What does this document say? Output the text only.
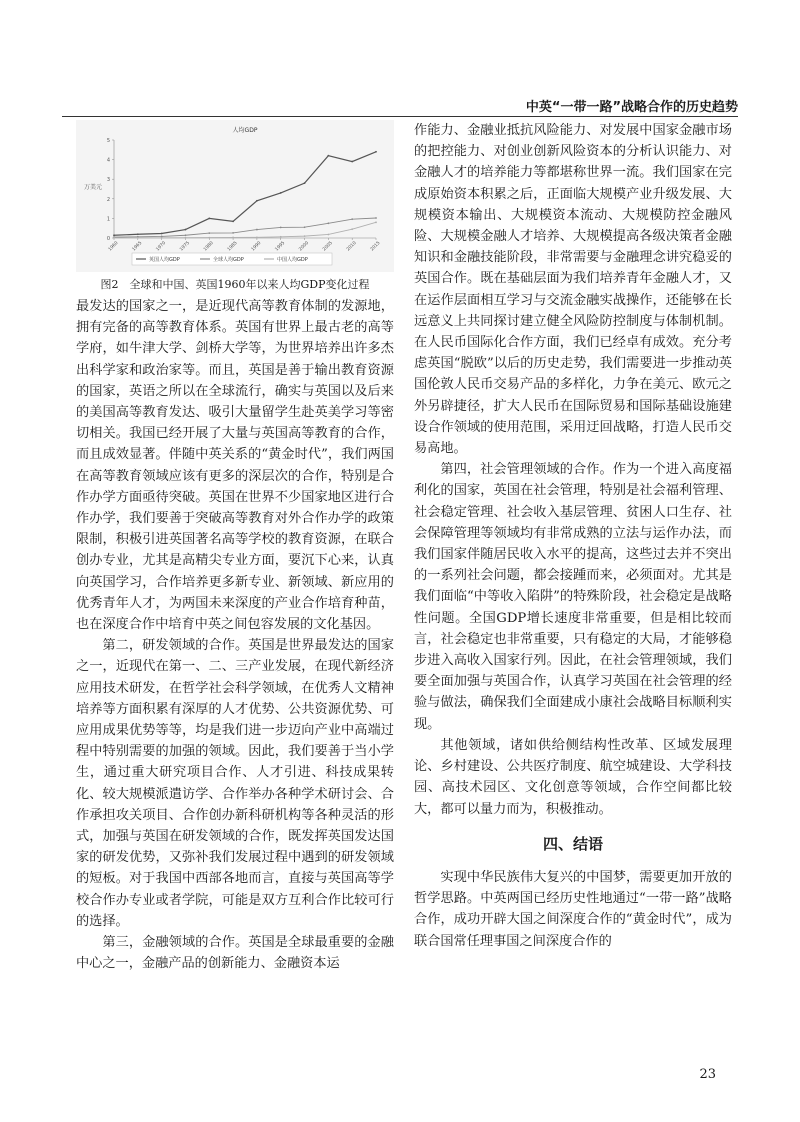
中英“一带一路”战略合作的历史趋势
人均GDP
万美元
0
1
2
3
4
5
1960	1965	1970	1975	1980	1985	1990	1995	2000	2005	2010	2015
英国人均GDP	全球人均GDP	中国人均GDP
图2　全球和中国、英国1960年以来人均GDP变化过程

最发达的国家之一，是近现代高等教育体制的发源地，拥有完备的高等教育体系。英国有世界上最古老的高等学府，如牛津大学、剑桥大学等，为世界培养出许多杰出科学家和政治家等。而且，英国是善于输出教育资源的国家，英语之所以在全球流行，确实与英国以及后来的美国高等教育发达、吸引大量留学生赴英美学习等密切相关。我国已经开展了大量与英国高等教育的合作，而且成效显著。伴随中英关系的“黄金时代”，我们两国在高等教育领域应该有更多的深层次的合作，特别是合作办学方面亟待突破。英国在世界不少国家地区进行合作办学，我们要善于突破高等教育对外合作办学的政策限制，积极引进英国著名高等学校的教育资源，在联合创办专业，尤其是高精尖专业方面，要沉下心来，认真向英国学习，合作培养更多新专业、新领域、新应用的优秀青年人才，为两国未来深度的产业合作培育种苗，也在深度合作中培育中英之间包容发展的文化基因。

第二，研发领域的合作。英国是世界最发达的国家之一，近现代在第一、二、三产业发展，在现代新经济应用技术研发，在哲学社会科学领域，在优秀人文精神培养等方面积累有深厚的人才优势、公共资源优势、可应用成果优势等等，均是我们进一步迈向产业中高端过程中特别需要的加强的领域。因此，我们要善于当小学生，通过重大研究项目合作、人才引进、科技成果转化、较大规模派遣访学、合作举办各种学术研讨会、合作承担攻关项目、合作创办新科研机构等各种灵活的形式，加强与英国在研发领域的合作，既发挥英国发达国家的研发优势，又弥补我们发展过程中遇到的研发领域的短板。对于我国中西部各地而言，直接与英国高等学校合作办专业或者学院，可能是双方互利合作比较可行的选择。

第三，金融领域的合作。英国是全球最重要的金融中心之一，金融产品的创新能力、金融资本运

作能力、金融业抵抗风险能力、对发展中国家金融市场的把控能力、对创业创新风险资本的分析认识能力、对金融人才的培养能力等都堪称世界一流。我们国家在完成原始资本积累之后，正面临大规模产业升级发展、大规模资本输出、大规模资本流动、大规模防控金融风险、大规模金融人才培养、大规模提高各级决策者金融知识和金融技能阶段，非常需要与金融理念讲究稳妥的英国合作。既在基础层面为我们培养青年金融人才，又在运作层面相互学习与交流金融实战操作，还能够在长远意义上共同探讨建立健全风险防控制度与体制机制。在人民币国际化合作方面，我们已经卓有成效。充分考虑英国“脱欧”以后的历史走势，我们需要进一步推动英国伦敦人民币交易产品的多样化，力争在美元、欧元之外另辟捷径，扩大人民币在国际贸易和国际基础设施建设合作领域的使用范围，采用迂回战略，打造人民币交易高地。

第四，社会管理领域的合作。作为一个进入高度福利化的国家，英国在社会管理，特别是社会福利管理、社会稳定管理、社会收入基层管理、贫困人口生存、社会保障管理等领域均有非常成熟的立法与运作办法，而我们国家伴随居民收入水平的提高，这些过去并不突出的一系列社会问题，都会接踵而来，必须面对。尤其是我们面临“中等收入陷阱”的特殊阶段，社会稳定是战略性问题。全国GDP增长速度非常重要，但是相比较而言，社会稳定也非常重要，只有稳定的大局，才能够稳步进入高收入国家行列。因此，在社会管理领域，我们要全面加强与英国合作，认真学习英国在社会管理的经验与做法，确保我们全面建成小康社会战略目标顺利实现。

其他领域，诸如供给侧结构性改革、区域发展理论、乡村建设、公共医疗制度、航空城建设、大学科技园、高技术园区、文化创意等领域，合作空间都比较大，都可以量力而为，积极推动。

四、结语

实现中华民族伟大复兴的中国梦，需要更加开放的哲学思路。中英两国已经历史性地通过“一带一路”战略合作，成功开辟大国之间深度合作的“黄金时代”，成为联合国常任理事国之间深度合作的

23
